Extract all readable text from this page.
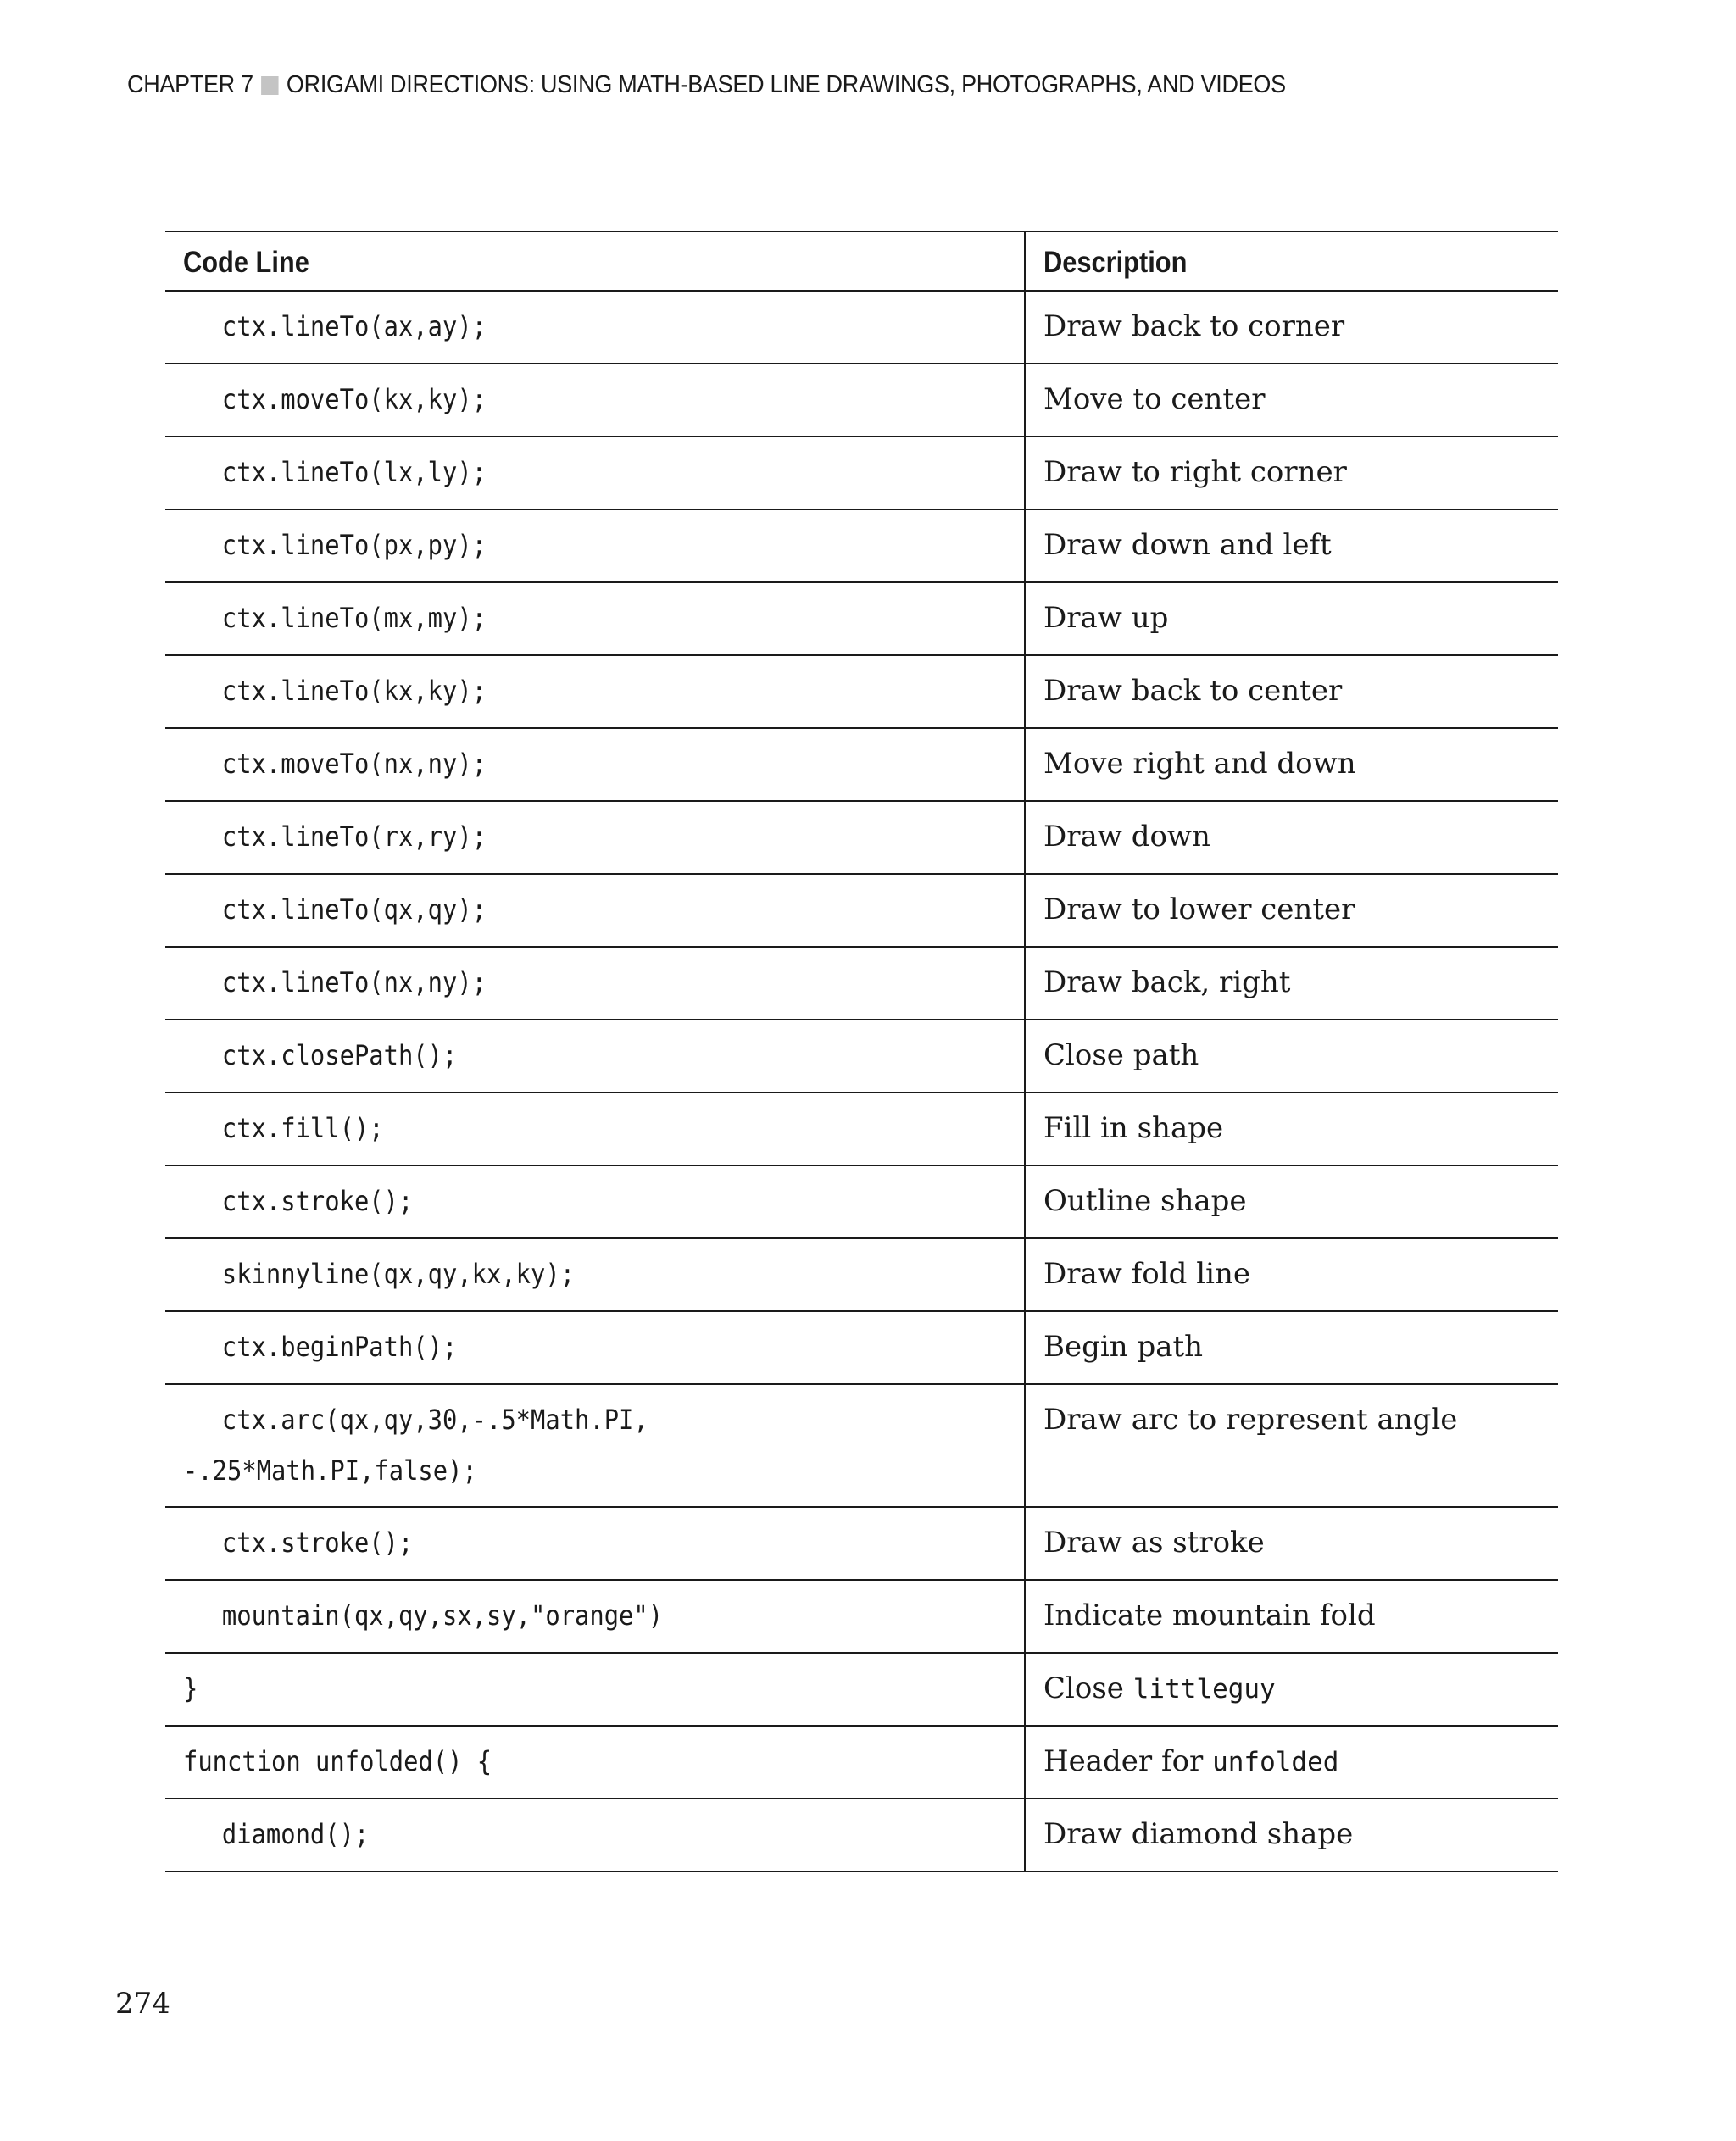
CHAPTER 7 ORIGAMI DIRECTIONS: USING MATH-BASED LINE DRAWINGS, PHOTOGRAPHS, AND VIDEOS
Code Line	Description
ctx.lineTo(ax,ay);	Draw back to corner
ctx.moveTo(kx,ky);	Move to center
ctx.lineTo(lx,ly);	Draw to right corner
ctx.lineTo(px,py);	Draw down and left
ctx.lineTo(mx,my);	Draw up
ctx.lineTo(kx,ky);	Draw back to center
ctx.moveTo(nx,ny);	Move right and down
ctx.lineTo(rx,ry);	Draw down
ctx.lineTo(qx,qy);	Draw to lower center
ctx.lineTo(nx,ny);	Draw back, right
ctx.closePath();	Close path
ctx.fill();	Fill in shape
ctx.stroke();	Outline shape
skinnyline(qx,qy,kx,ky);	Draw fold line
ctx.beginPath();	Begin path
ctx.arc(qx,qy,30,-.5*Math.PI,
-.25*Math.PI,false);	Draw arc to represent angle
ctx.stroke();	Draw as stroke
mountain(qx,qy,sx,sy,"orange")	Indicate mountain fold
}	Close littleguy
function unfolded() {	Header for unfolded
diamond();	Draw diamond shape
274
